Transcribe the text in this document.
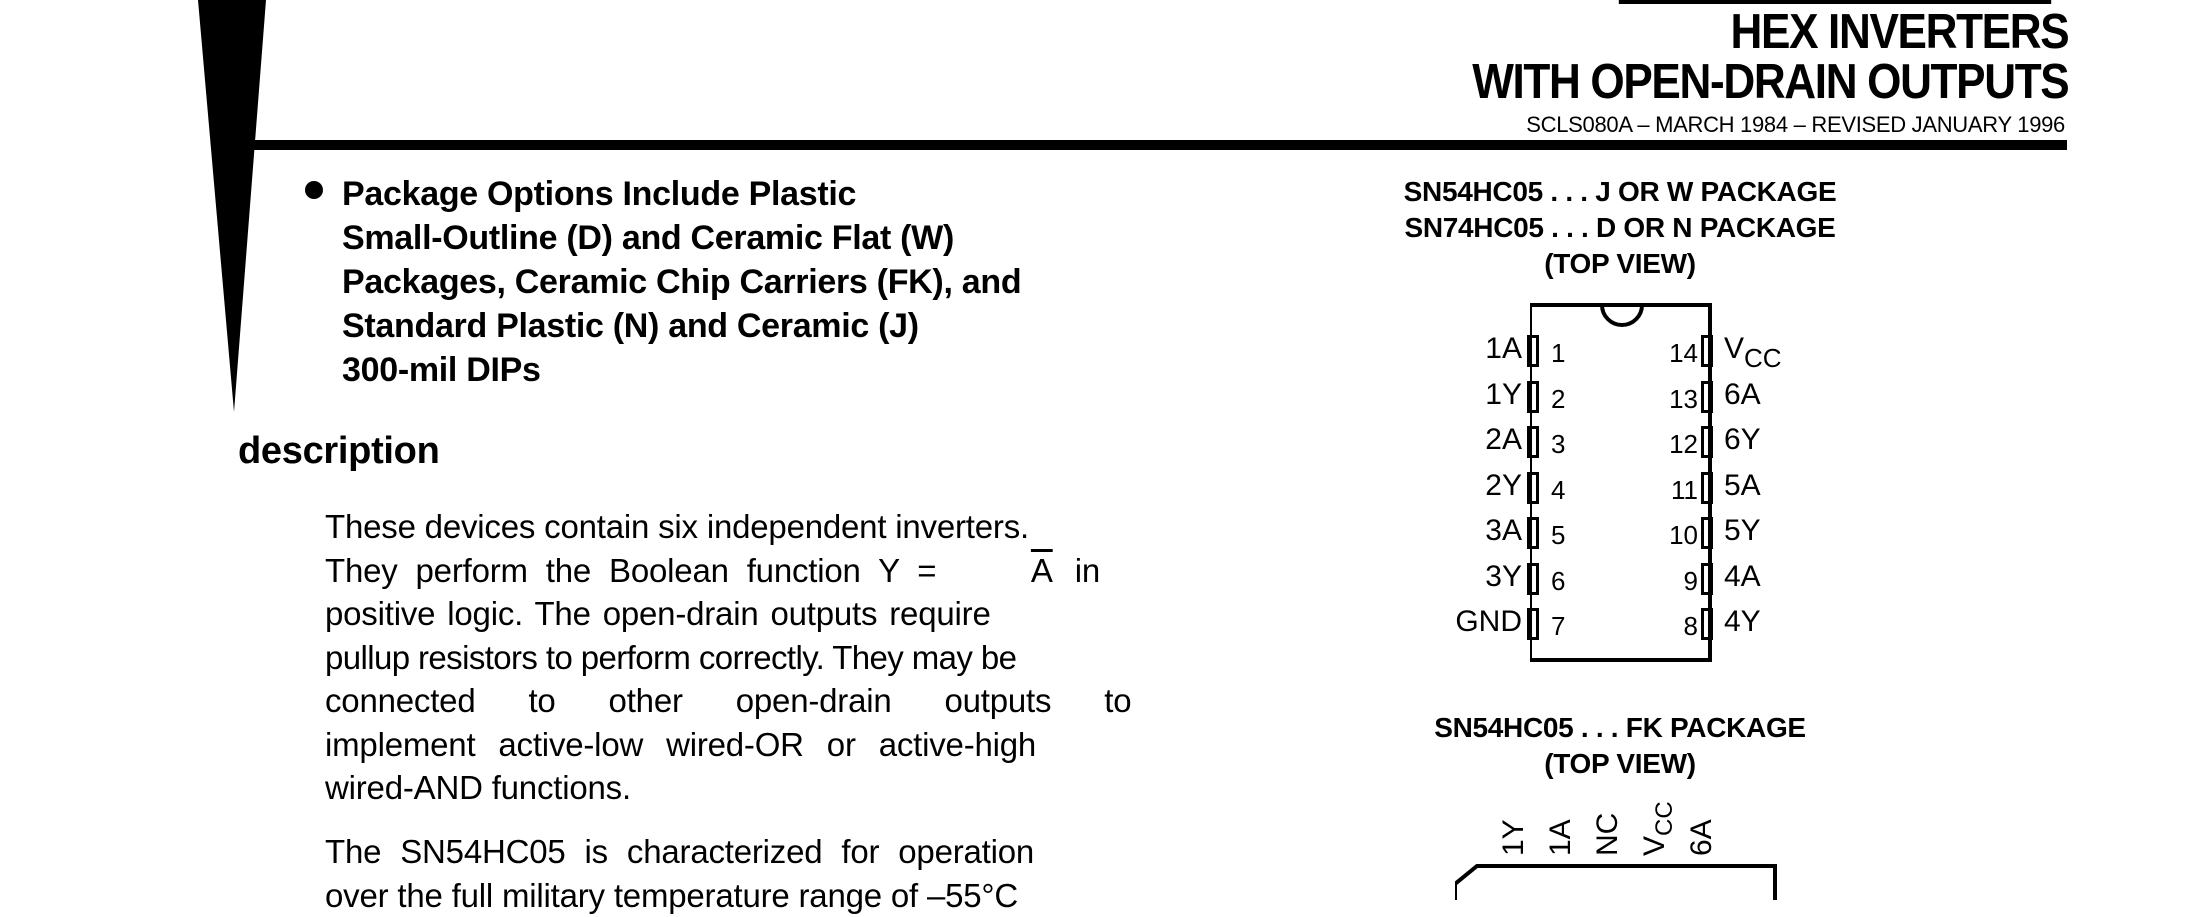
HEX INVERTERS
WITH OPEN-DRAIN OUTPUTS
SCLS080A – MARCH 1984 – REVISED JANUARY 1996
Package Options Include Plastic
Small-Outline (D) and Ceramic Flat (W)
Packages, Ceramic Chip Carriers (FK), and
Standard Plastic (N) and Ceramic (J)
300-mil DIPs
description
These devices contain six independent inverters.
They perform the Boolean function Y =	$\overline{A}$ in
positive logic. The open-drain outputs require
pullup resistors to perform correctly. They may be
connected to other open-drain outputs to
implement active-low wired-OR or active-high
wired-AND functions.
The SN54HC05 is characterized for operation
over the full military temperature range of –55°C
SN54HC05 . . . J OR W PACKAGE
SN74HC05 . . . D OR N PACKAGE
(TOP VIEW)
1A 1
1Y 2
2A 3
2Y 4
3A 5
3Y 6
GND 7
14 VCC
13 6A
12 6Y
11 5A
10 5Y
9 4A
8 4Y
SN54HC05 . . . FK PACKAGE
(TOP VIEW)
1Y 1A NC $V_{CC}$
6A
